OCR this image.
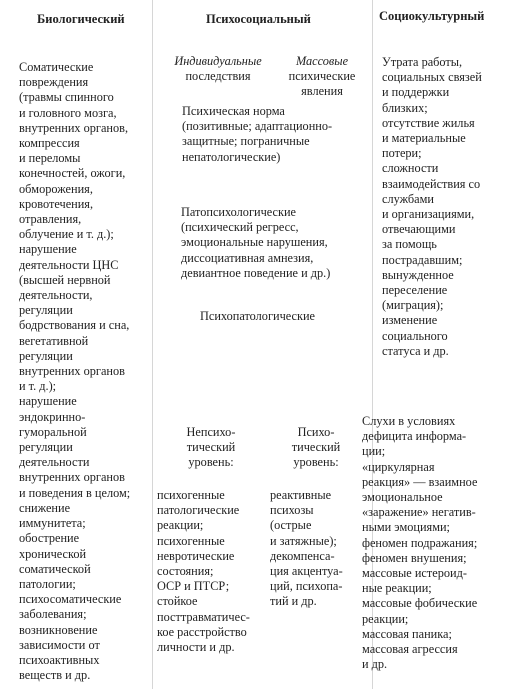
Биологический	Психосоциальный	Социокультурный
Соматические
повреждения
(травмы спинного
и головного мозга,
внутренних органов,
компрессия
и переломы
конечностей, ожоги,
обморожения,
кровотечения,
отравления,
облучение и т. д.);
нарушение
деятельности ЦНС
(высшей нервной
деятельности,
регуляции
бодрствования и сна,
вегетативной
регуляции
внутренних органов
и т. д.);
нарушение
эндокринно-
гуморальной
регуляции
деятельности
внутренних органов
и поведения в целом;
снижение
иммунитета;
обострение
хронической
соматической
патологии;
психосоматические
заболевания;
возникновение
зависимости от
психоактивных
веществ и др.
Индивидуальные
последствия
Массовые
психические
явления
Психическая норма
(позитивные; адаптационно-
защитные; пограничные
непатологические)
Патопсихологические
(психический регресс,
эмоциональные нарушения,
диссоциативная амнезия,
девиантное поведение и др.)
Психопатологические
Непсихо-
тический
уровень:
Психо-
тический
уровень:
психогенные
патологические
реакции;
психогенные
невротические
состояния;
ОСР и ПТСР;
стойкое
посттравматичес-
кое расстройство
личности и др.
реактивные
психозы
(острые
и затяжные);
декомпенса-
ция акцентуа-
ций, психопа-
тий и др.
Утрата работы,
социальных связей
и поддержки
близких;
отсутствие жилья
и материальные
потери;
сложности
взаимодействия со
службами
и организациями,
отвечающими
за помощь
пострадавшим;
вынужденное
переселение
(миграция);
изменение
социального
статуса и др.
Слухи в условиях
дефицита информа-
ции;
«циркулярная
реакция» — взаимное
эмоциональное
«заражение» негатив-
ными эмоциями;
феномен подражания;
феномен внушения;
массовые истероид-
ные реакции;
массовые фобические
реакции;
массовая паника;
массовая агрессия
и др.
